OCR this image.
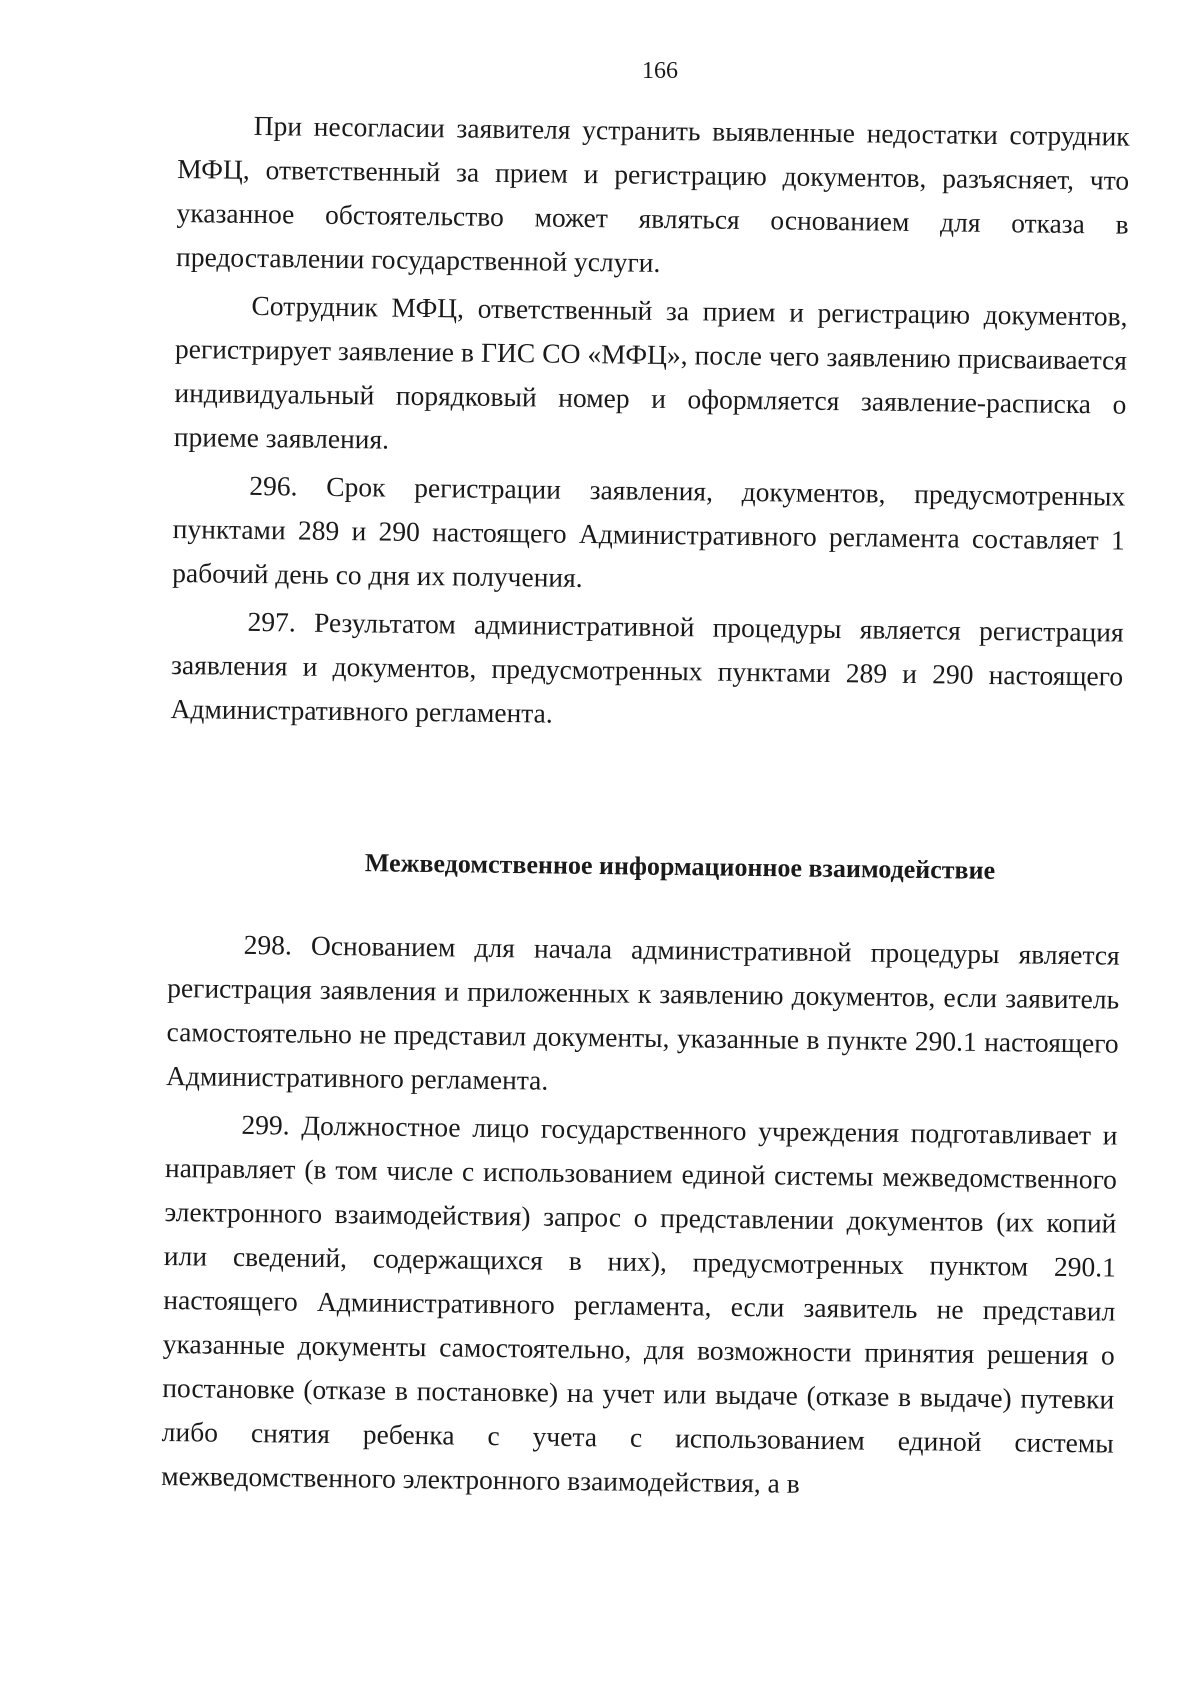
166

При несогласии заявителя устранить выявленные недостатки сотрудник МФЦ, ответственный за прием и регистрацию документов, разъясняет, что указанное обстоятельство может являться основанием для отказа в предоставлении государственной услуги.

Сотрудник МФЦ, ответственный за прием и регистрацию документов, регистрирует заявление в ГИС СО «МФЦ», после чего заявлению присваивается индивидуальный порядковый номер и оформляется заявление-расписка о приеме заявления.

296. Срок регистрации заявления, документов, предусмотренных пунктами 289 и 290 настоящего Административного регламента составляет 1 рабочий день со дня их получения.

297. Результатом административной процедуры является регистрация заявления и документов, предусмотренных пунктами 289 и 290 настоящего Административного регламента.

Межведомственное информационное взаимодействие

298. Основанием для начала административной процедуры является регистрация заявления и приложенных к заявлению документов, если заявитель самостоятельно не представил документы, указанные в пункте 290.1 настоящего Административного регламента.

299. Должностное лицо государственного учреждения подготавливает и направляет (в том числе с использованием единой системы межведомственного электронного взаимодействия) запрос о представлении документов (их копий или сведений, содержащихся в них), предусмотренных пунктом 290.1 настоящего Административного регламента, если заявитель не представил указанные документы самостоятельно, для возможности принятия решения о постановке (отказе в постановке) на учет или выдаче (отказе в выдаче) путевки либо снятия ребенка с учета с использованием единой системы межведомственного электронного взаимодействия, а в
